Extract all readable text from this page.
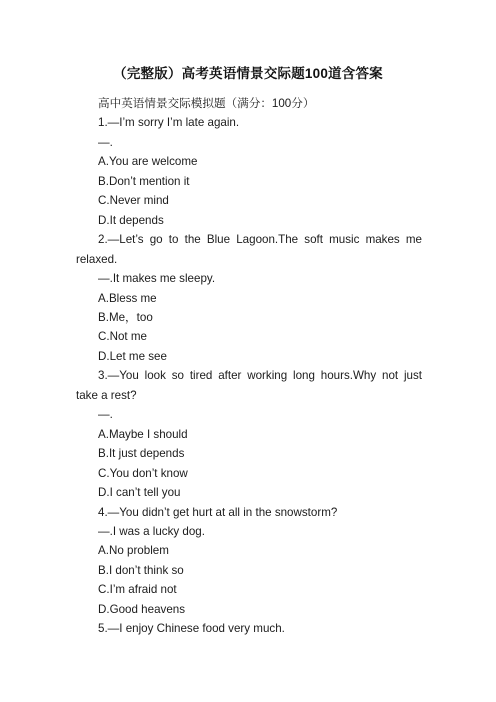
（完整版）高考英语情景交际题100道含答案
高中英语情景交际模拟题（满分：100分）
1.—I’m sorry I’m late again.
—.
A.You are welcome
B.Don’t mention it
C.Never mind
D.It depends
2.—Let’s go to the Blue Lagoon.The soft music makes me relaxed.
—.It makes me sleepy.
A.Bless me
B.Me，too
C.Not me
D.Let me see
3.—You look so tired after working long hours.Why not just take a rest?
—.
A.Maybe I should
B.It just depends
C.You don’t know
D.I can’t tell you
4.—You didn’t get hurt at all in the snowstorm?
—.I was a lucky dog.
A.No problem
B.I don’t think so
C.I’m afraid not
D.Good heavens
5.—I enjoy Chinese food very much.
